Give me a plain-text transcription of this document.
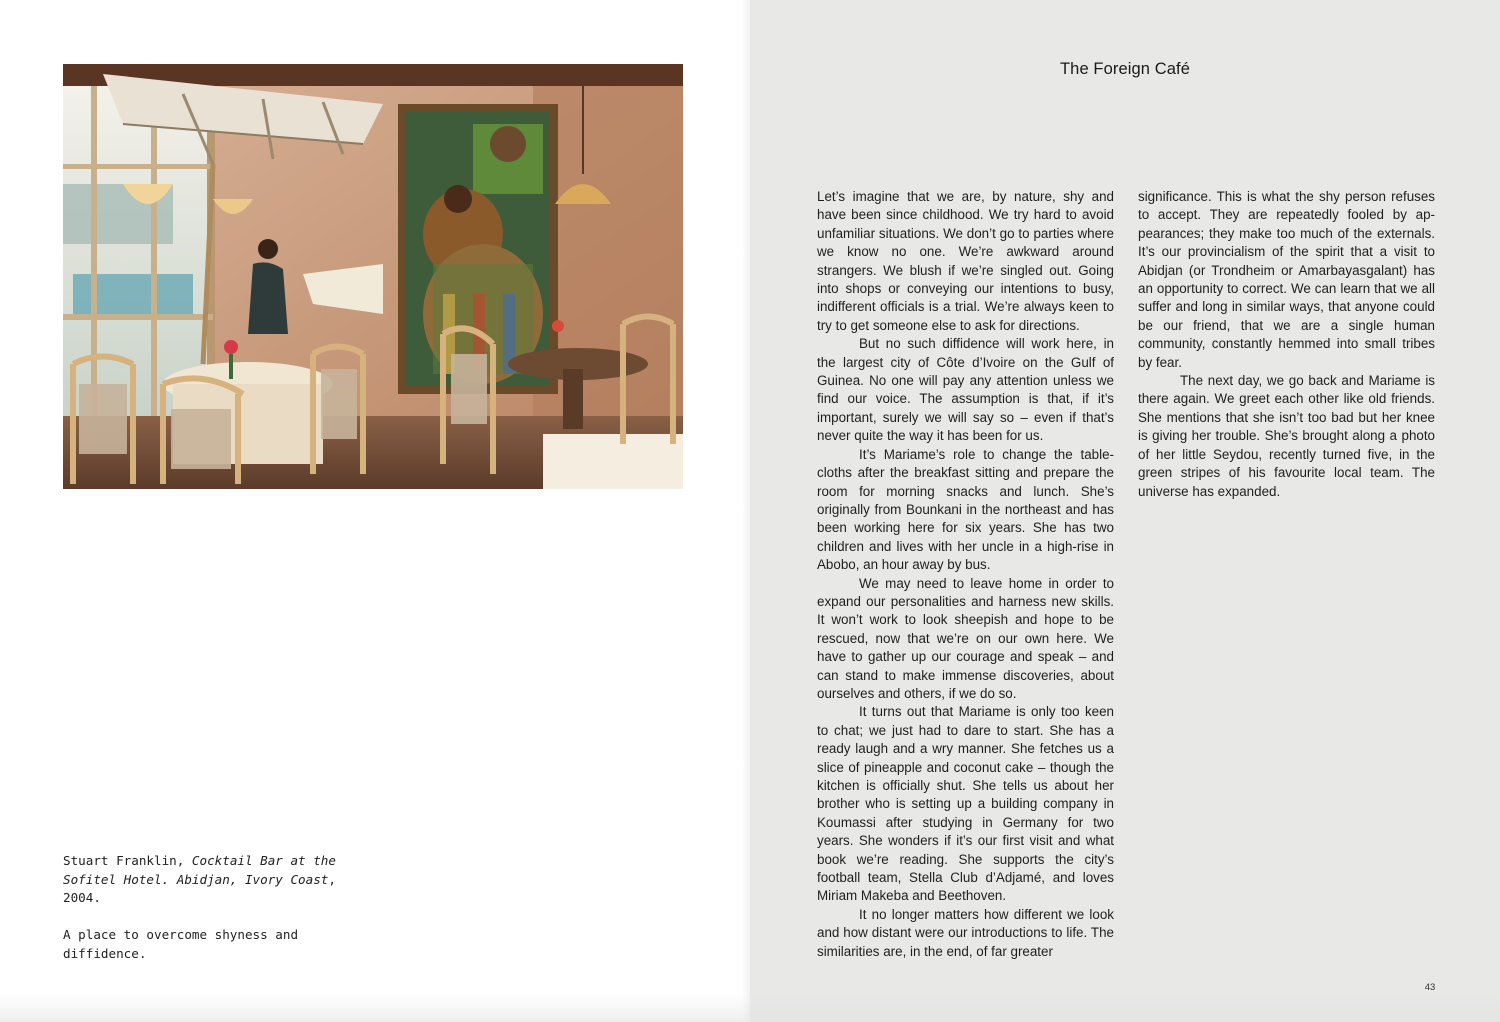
Stuart Franklin, Cocktail Bar at the Sofitel Hotel. Abidjan, Ivory Coast, 2004.

A place to overcome shyness and diffidence.

The Foreign Café

Let’s imagine that we are, by nature, shy and have been since childhood. We try hard to avoid unfamiliar situations. We don’t go to parties where we know no one. We’re awkward around strangers. We blush if we’re singled out. Going into shops or conveying our intentions to busy, indifferent officials is a trial. We’re always keen to try to get someone else to ask for directions.

But no such diffidence will work here, in the largest city of Côte d’Ivoire on the Gulf of Guinea. No one will pay any attention unless we find our voice. The assumption is that, if it’s important, surely we will say so – even if that’s never quite the way it has been for us.

It’s Mariame’s role to change the table-cloths after the breakfast sitting and prepare the room for morning snacks and lunch. She’s originally from Bounkani in the northeast and has been working here for six years. She has two children and lives with her uncle in a high-rise in Abobo, an hour away by bus.

We may need to leave home in order to expand our personalities and harness new skills. It won’t work to look sheepish and hope to be rescued, now that we’re on our own here. We have to gather up our courage and speak – and can stand to make immense discoveries, about ourselves and others, if we do so.

It turns out that Mariame is only too keen to chat; we just had to dare to start. She has a ready laugh and a wry manner. She fetches us a slice of pineapple and coconut cake – though the kitchen is officially shut. She tells us about her brother who is setting up a building company in Koumassi after studying in Germany for two years. She wonders if it’s our first visit and what book we’re reading. She supports the city’s football team, Stella Club d’Adjamé, and loves Miriam Makeba and Beethoven.

It no longer matters how different we look and how distant were our introductions to life. The similarities are, in the end, of far greater

significance. This is what the shy person refuses to accept. They are repeatedly fooled by ap-pearances; they make too much of the externals. It’s our provincialism of the spirit that a visit to Abidjan (or Trondheim or Amarbayasgalant) has an opportunity to correct. We can learn that we all suffer and long in similar ways, that anyone could be our friend, that we are a single human community, constantly hemmed into small tribes by fear.

The next day, we go back and Mariame is there again. We greet each other like old friends. She mentions that she isn’t too bad but her knee is giving her trouble. She’s brought along a photo of her little Seydou, recently turned five, in the green stripes of his favourite local team. The universe has expanded.

43
